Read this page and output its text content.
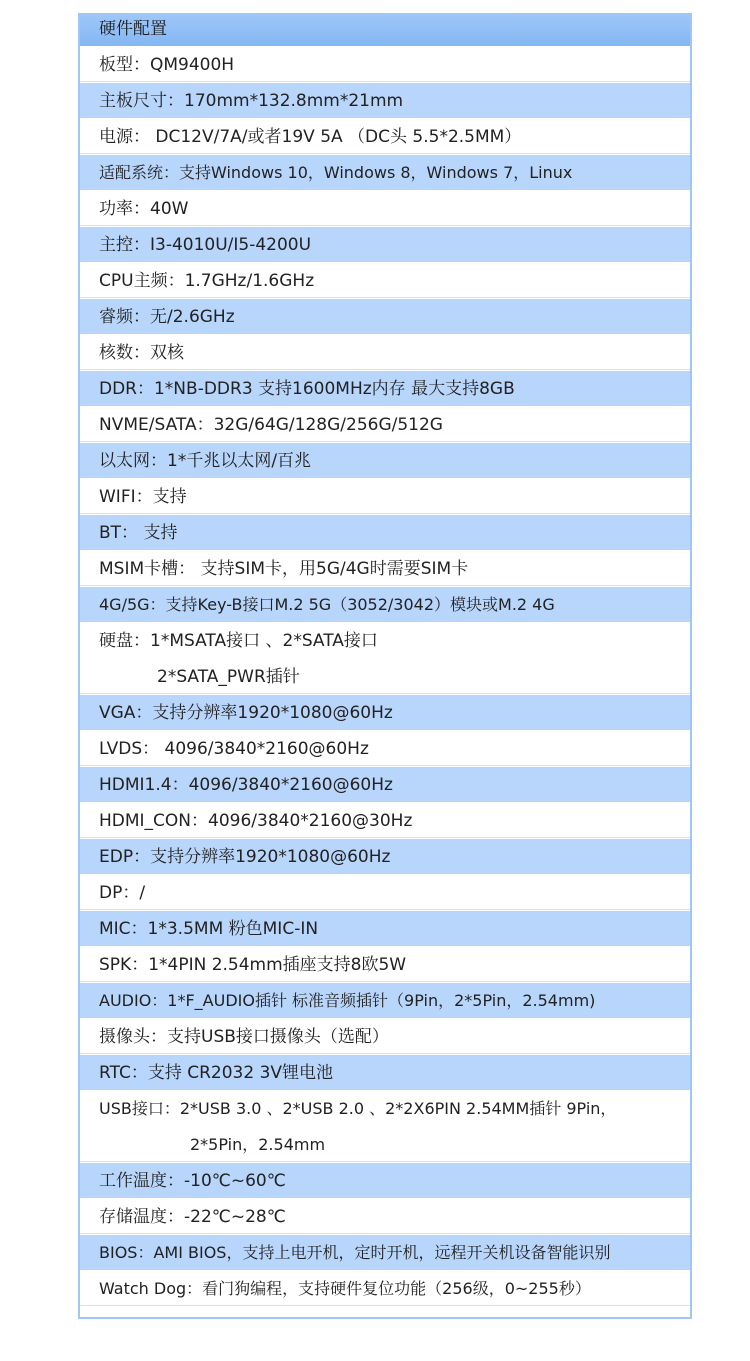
硬件配置
板型：QM9400H
主板尺寸：170mm*132.8mm*21mm
电源： DC12V/7A/或者19V 5A （DC头 5.5*2.5MM）
适配系统：支持Windows 10，Windows 8，Windows 7，Linux
功率：40W
主控：I3-4010U/I5-4200U
CPU主频：1.7GHz/1.6GHz
睿频：无/2.6GHz
核数：双核
DDR：1*NB-DDR3 支持1600MHz内存 最大支持8GB
NVME/SATA：32G/64G/128G/256G/512G
以太网：1*千兆以太网/百兆
WIFI：支持
BT： 支持
MSIM卡槽： 支持SIM卡，用5G/4G时需要SIM卡
4G/5G：支持Key-B接口M.2 5G（3052/3042）模块或M.2 4G
硬盘：1*MSATA接口 、2*SATA接口
2*SATA_PWR插针
VGA：支持分辨率1920*1080@60Hz
LVDS： 4096/3840*2160@60Hz
HDMI1.4：4096/3840*2160@60Hz
HDMI_CON：4096/3840*2160@30Hz
EDP：支持分辨率1920*1080@60Hz
DP：/
MIC：1*3.5MM 粉色MIC-IN
SPK：1*4PIN 2.54mm插座支持8欧5W
AUDIO：1*F_AUDIO插针 标准音频插针（9Pin，2*5Pin，2.54mm)
摄像头：支持USB接口摄像头（选配）
RTC：支持 CR2032 3V锂电池
USB接口：2*USB 3.0 、2*USB 2.0 、2*2X6PIN 2.54MM插针 9Pin，
2*5Pin，2.54mm
工作温度：-10℃~60℃
存储温度：-22℃~28℃
BIOS：AMI BIOS，支持上电开机，定时开机，远程开关机设备智能识别
Watch Dog：看门狗编程，支持硬件复位功能（256级，0~255秒）
